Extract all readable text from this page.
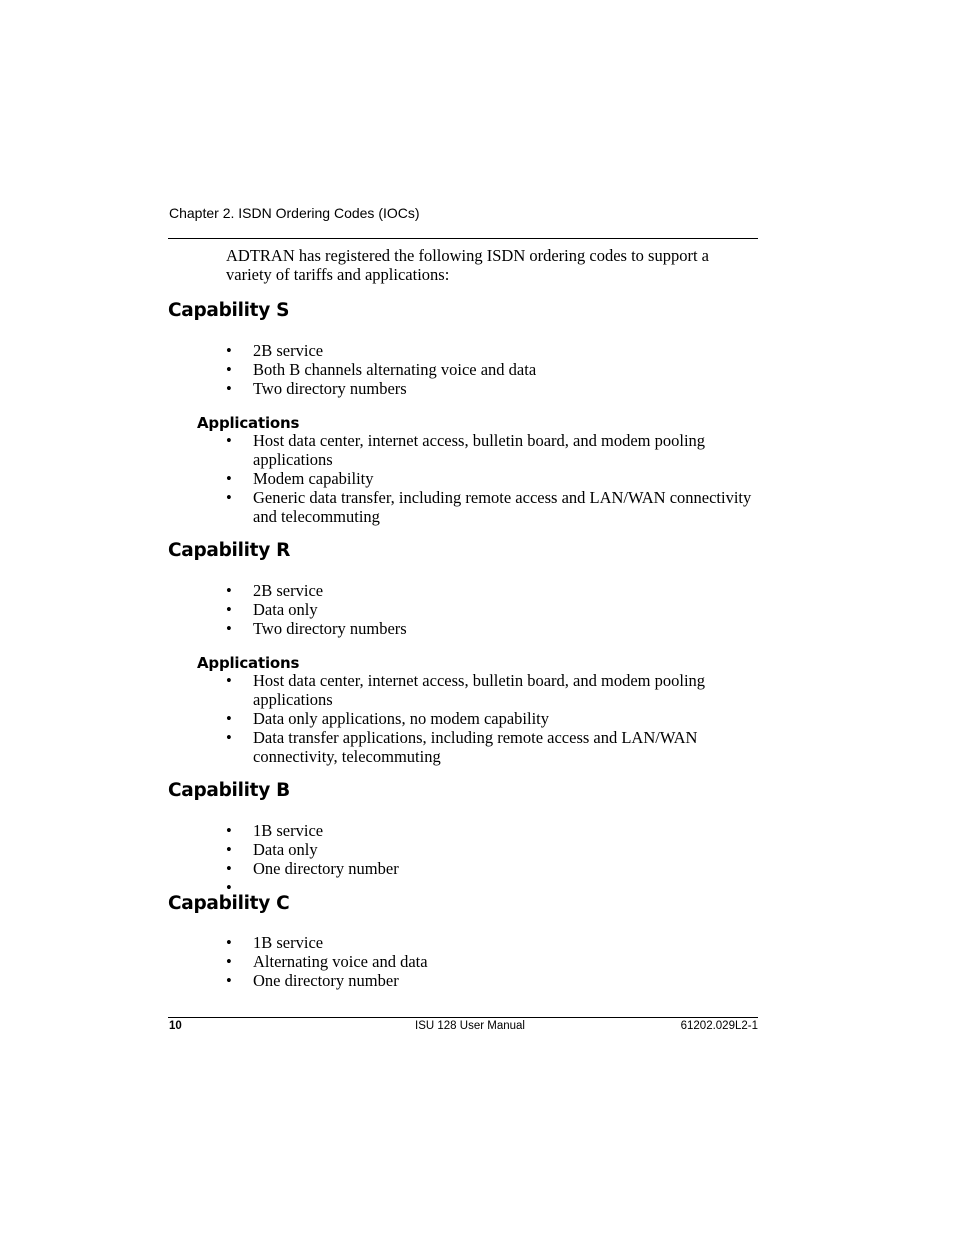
Chapter 2. ISDN Ordering Codes (IOCs)
ADTRAN has registered the following ISDN ordering codes to support a variety of tariffs and applications:
Capability S
• 2B service
• Both B channels alternating voice and data
• Two directory numbers
Applications
• Host data center, internet access, bulletin board, and modem pooling applications
• Modem capability
• Generic data transfer, including remote access and LAN/WAN connectivity and telecommuting
Capability R
• 2B service
• Data only
• Two directory numbers
Applications
• Host data center, internet access, bulletin board, and modem pooling applications
• Data only applications, no modem capability
• Data transfer applications, including remote access and LAN/WAN connectivity, telecommuting
Capability B
• 1B service
• Data only
• One directory number
•
Capability C
• 1B service
• Alternating voice and data
• One directory number
10	ISU 128 User Manual	61202.029L2-1
